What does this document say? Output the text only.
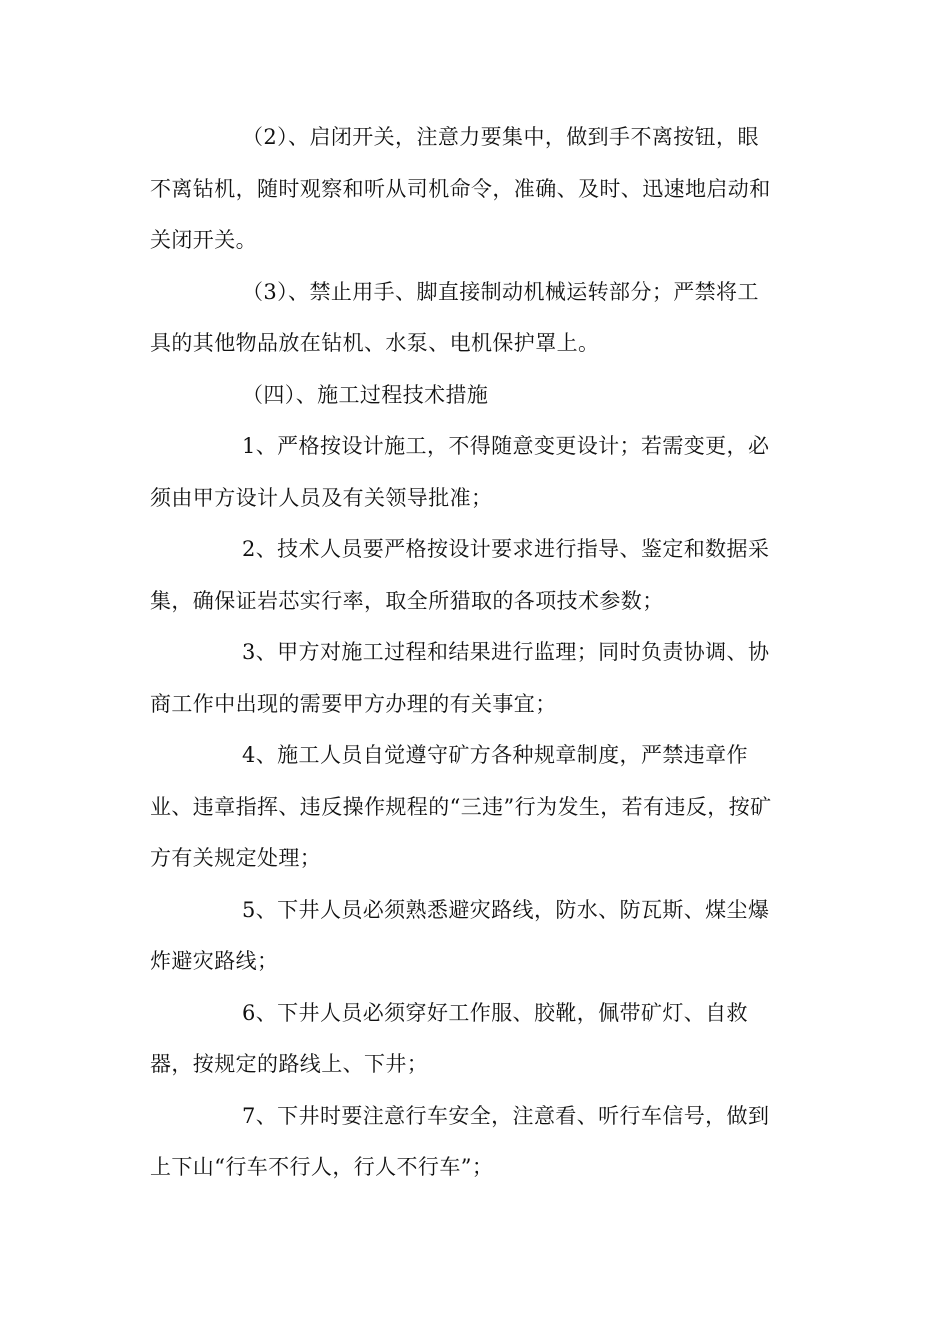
（2）、启闭开关，注意力要集中，做到手不离按钮，眼
不离钻机，随时观察和听从司机命令，准确、及时、迅速地启动和
关闭开关。

（3）、禁止用手、脚直接制动机械运转部分；严禁将工
具的其他物品放在钻机、水泵、电机保护罩上。

（四）、施工过程技术措施

1、严格按设计施工，不得随意变更设计；若需变更，必
须由甲方设计人员及有关领导批准；

2、技术人员要严格按设计要求进行指导、鉴定和数据采
集，确保证岩芯实行率，取全所猎取的各项技术参数；

3、甲方对施工过程和结果进行监理；同时负责协调、协
商工作中出现的需要甲方办理的有关事宜；

4、施工人员自觉遵守矿方各种规章制度，严禁违章作
业、违章指挥、违反操作规程的“三违”行为发生，若有违反，按矿
方有关规定处理；

5、下井人员必须熟悉避灾路线，防水、防瓦斯、煤尘爆
炸避灾路线；

6、下井人员必须穿好工作服、胶靴，佩带矿灯、自救
器，按规定的路线上、下井；

7、下井时要注意行车安全，注意看、听行车信号，做到
上下山“行车不行人，行人不行车”；
